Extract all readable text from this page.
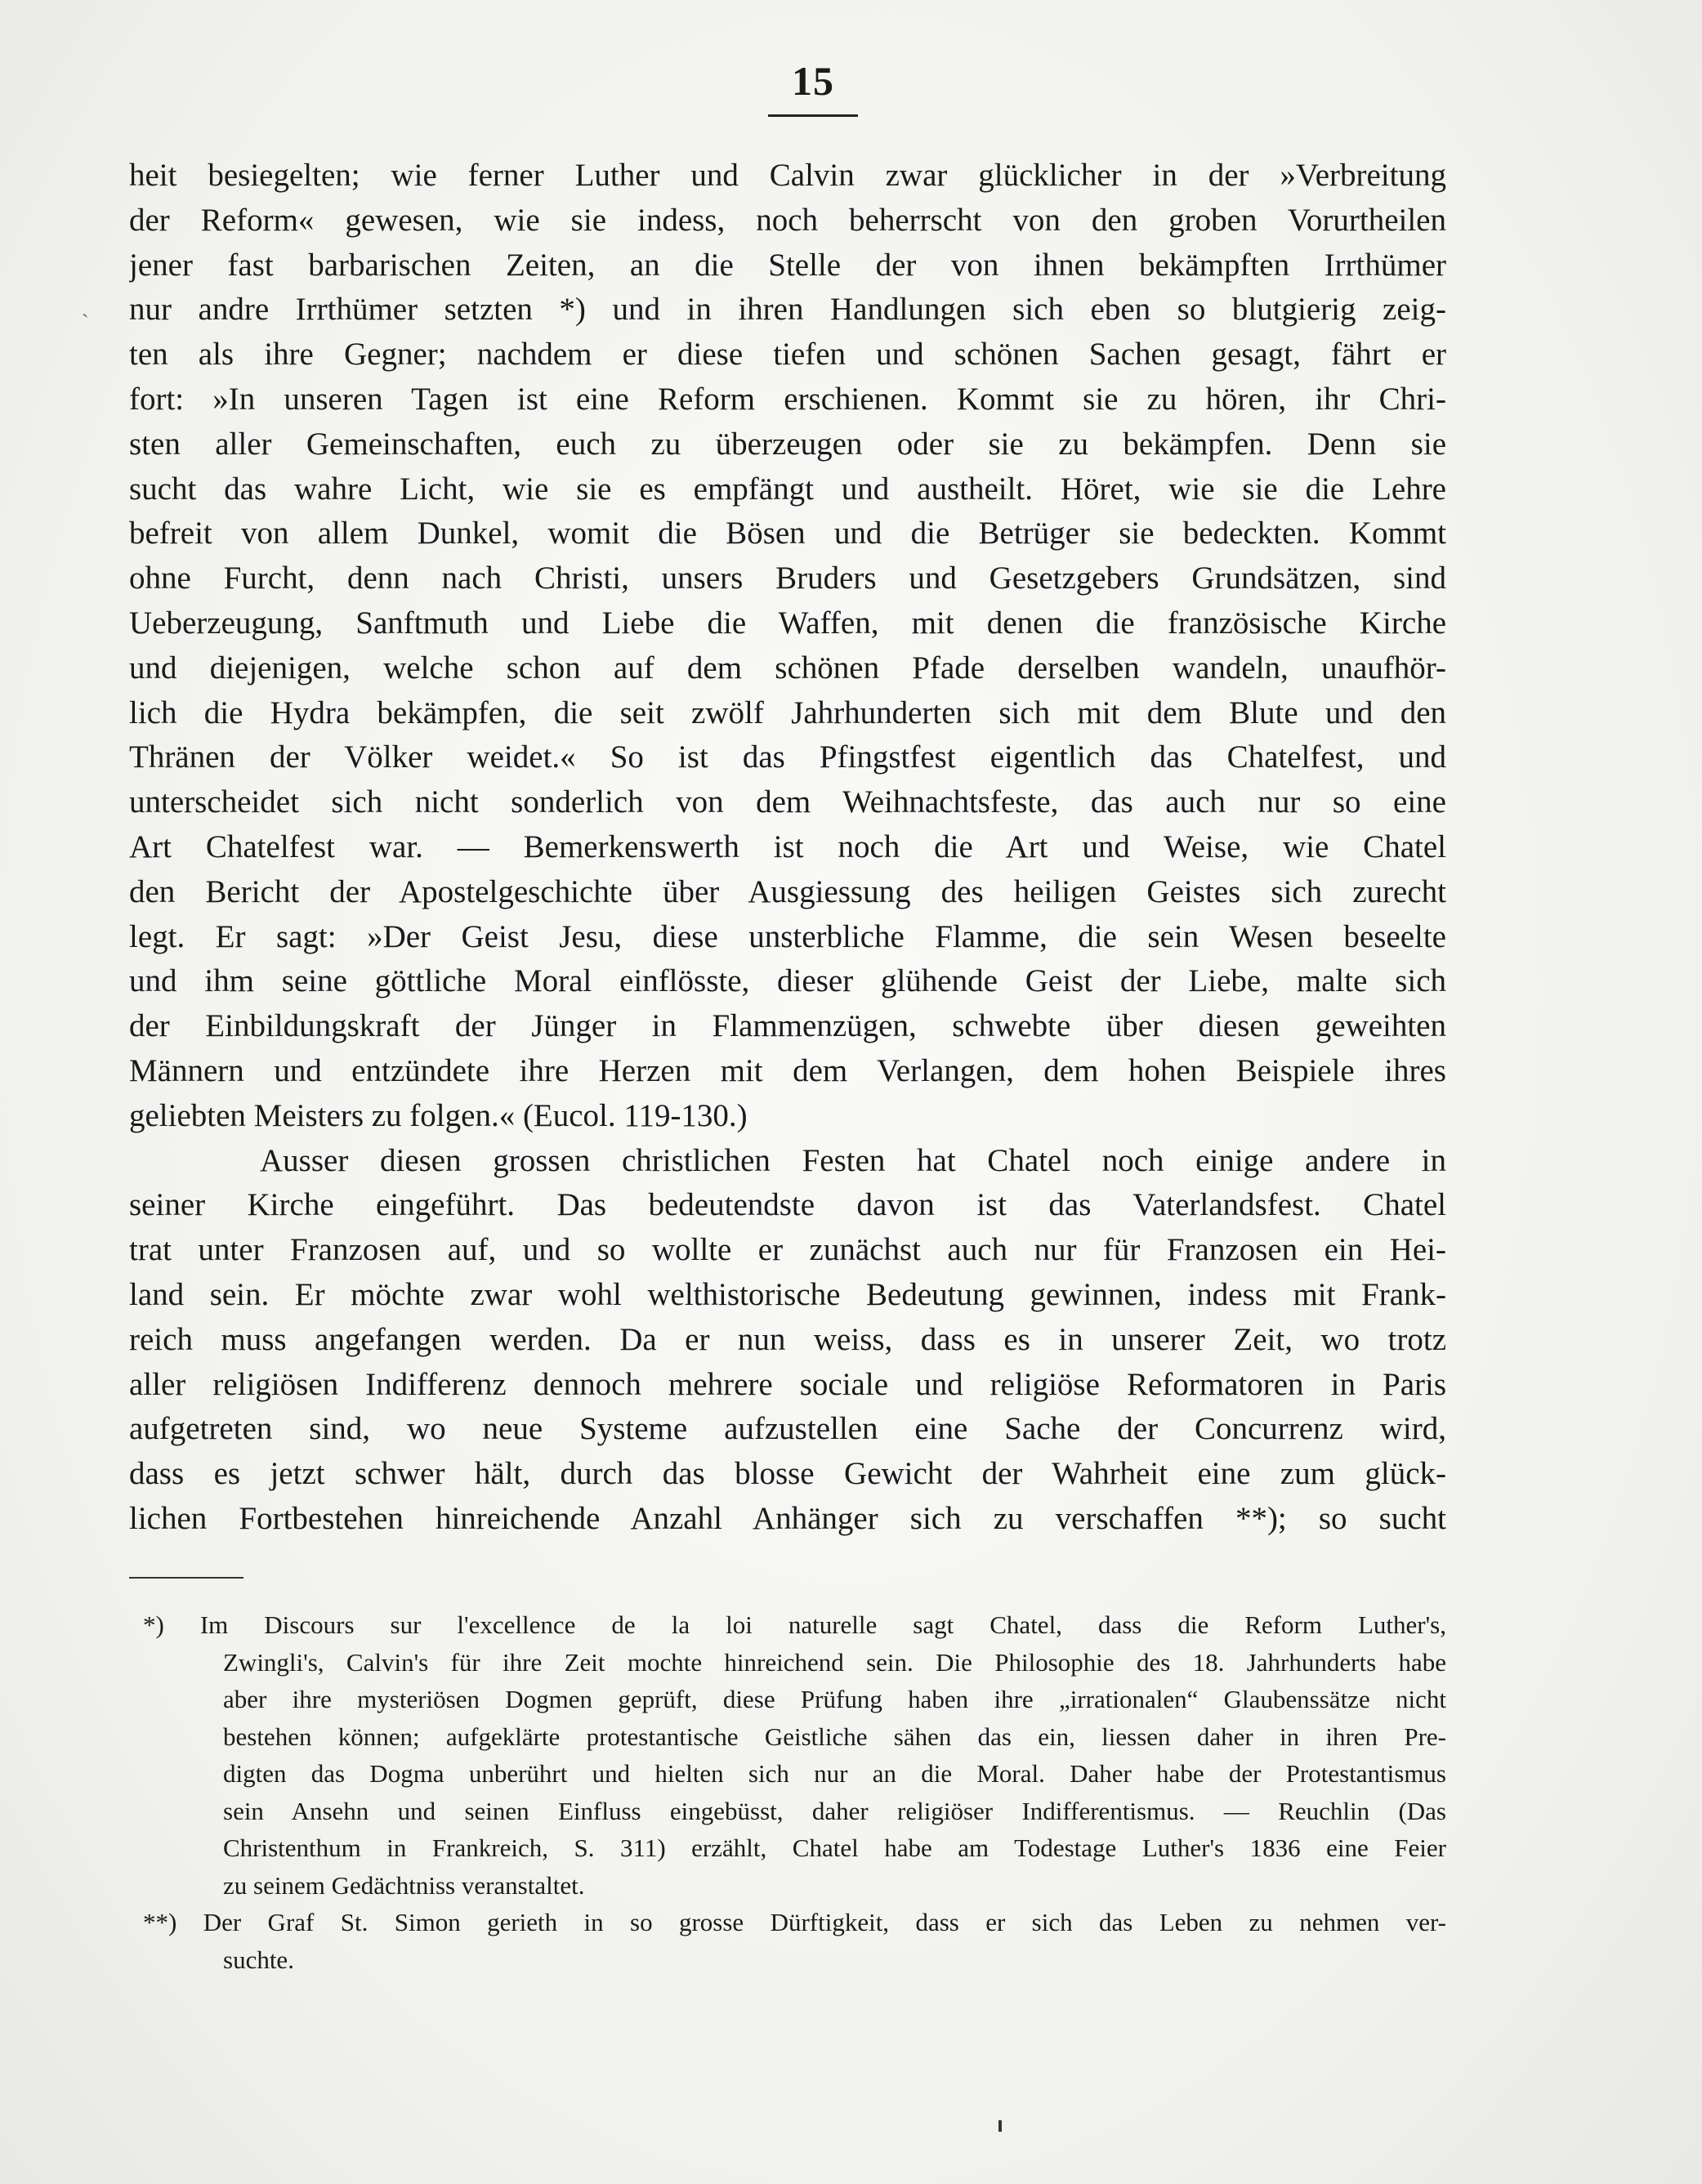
15
ˎ
heit besiegelten; wie ferner Luther und Calvin zwar glücklicher in der »Verbreitung
der Reform« gewesen, wie sie indess, noch beherrscht von den groben Vorurtheilen
jener fast barbarischen Zeiten, an die Stelle der von ihnen bekämpften Irrthümer
nur andre Irrthümer setzten *) und in ihren Handlungen sich eben so blutgierig zeig-
ten als ihre Gegner; nachdem er diese tiefen und schönen Sachen gesagt, fährt er
fort: »In unseren Tagen ist eine Reform erschienen. Kommt sie zu hören, ihr Chri-
sten aller Gemeinschaften, euch zu überzeugen oder sie zu bekämpfen. Denn sie
sucht das wahre Licht, wie sie es empfängt und austheilt. Höret, wie sie die Lehre
befreit von allem Dunkel, womit die Bösen und die Betrüger sie bedeckten. Kommt
ohne Furcht, denn nach Christi, unsers Bruders und Gesetzgebers Grundsätzen, sind
Ueberzeugung, Sanftmuth und Liebe die Waffen, mit denen die französische Kirche
und diejenigen, welche schon auf dem schönen Pfade derselben wandeln, unaufhör-
lich die Hydra bekämpfen, die seit zwölf Jahrhunderten sich mit dem Blute und den
Thränen der Völker weidet.« So ist das Pfingstfest eigentlich das Chatelfest, und
unterscheidet sich nicht sonderlich von dem Weihnachtsfeste, das auch nur so eine
Art Chatelfest war. — Bemerkenswerth ist noch die Art und Weise, wie Chatel
den Bericht der Apostelgeschichte über Ausgiessung des heiligen Geistes sich zurecht
legt. Er sagt: »Der Geist Jesu, diese unsterbliche Flamme, die sein Wesen beseelte
und ihm seine göttliche Moral einflösste, dieser glühende Geist der Liebe, malte sich
der Einbildungskraft der Jünger in Flammenzügen, schwebte über diesen geweihten
Männern und entzündete ihre Herzen mit dem Verlangen, dem hohen Beispiele ihres
geliebten Meisters zu folgen.« (Eucol. 119-130.)
Ausser diesen grossen christlichen Festen hat Chatel noch einige andere in
seiner Kirche eingeführt. Das bedeutendste davon ist das Vaterlandsfest. Chatel
trat unter Franzosen auf, und so wollte er zunächst auch nur für Franzosen ein Hei-
land sein. Er möchte zwar wohl welthistorische Bedeutung gewinnen, indess mit Frank-
reich muss angefangen werden. Da er nun weiss, dass es in unserer Zeit, wo trotz
aller religiösen Indifferenz dennoch mehrere sociale und religiöse Reformatoren in Paris
aufgetreten sind, wo neue Systeme aufzustellen eine Sache der Concurrenz wird,
dass es jetzt schwer hält, durch das blosse Gewicht der Wahrheit eine zum glück-
lichen Fortbestehen hinreichende Anzahl Anhänger sich zu verschaffen **); so sucht
*) Im Discours sur l'excellence de la loi naturelle sagt Chatel, dass die Reform Luther's,
Zwingli's, Calvin's für ihre Zeit mochte hinreichend sein. Die Philosophie des 18. Jahrhunderts habe
aber ihre mysteriösen Dogmen geprüft, diese Prüfung haben ihre „irrationalen“ Glaubenssätze nicht
bestehen können; aufgeklärte protestantische Geistliche sähen das ein, liessen daher in ihren Pre-
digten das Dogma unberührt und hielten sich nur an die Moral. Daher habe der Protestantismus
sein Ansehn und seinen Einfluss eingebüsst, daher religiöser Indifferentismus. — Reuchlin (Das
Christenthum in Frankreich, S. 311) erzählt, Chatel habe am Todestage Luther's 1836 eine Feier
zu seinem Gedächtniss veranstaltet.
**) Der Graf St. Simon gerieth in so grosse Dürftigkeit, dass er sich das Leben zu nehmen ver-
suchte.
